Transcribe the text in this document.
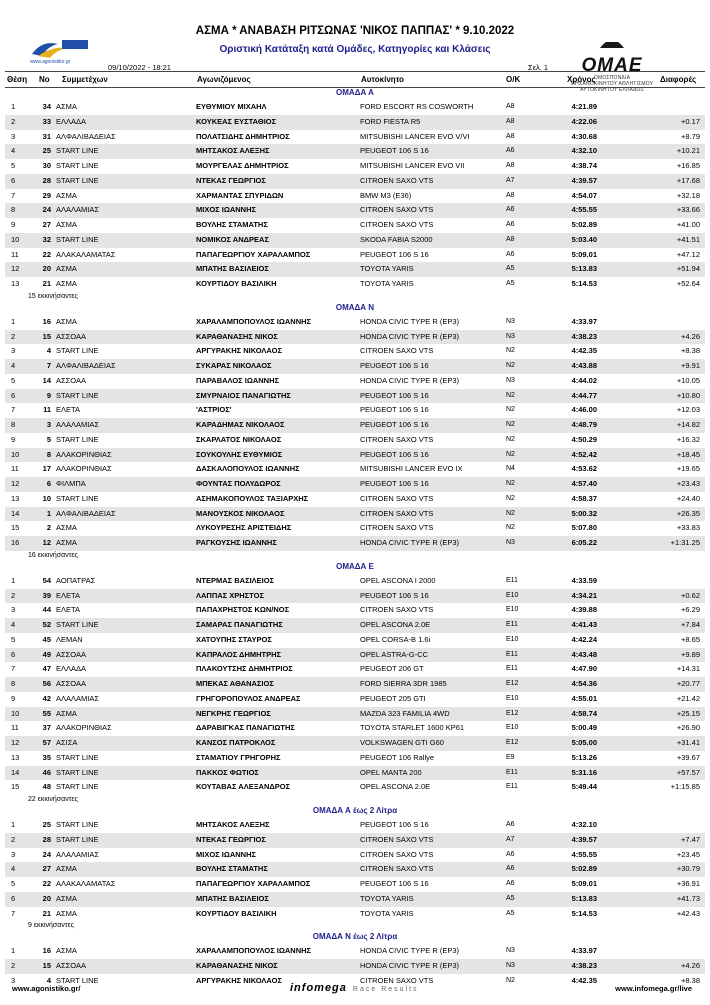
www.agonistiko.gr	OMAE
ΟΜΟΣΠΟΝΔΙΑ ΜΗΧΑΝΟΚΙΝΗΤΟΥ ΑΘΛΗΤΙΣΜΟΥ ΑΥΤΟΚΙΝΗΤΟΥ ΕΛΛΑΔΟΣ
ΑΣΜΑ * ΑΝΑΒΑΣΗ ΡΙΤΣΩΝΑΣ 'ΝΙΚΟΣ ΠΑΠΠΑΣ' * 9.10.2022
Οριστική Κατάταξη κατά Ομάδες, Κατηγορίες και Κλάσεις
09/10/2022 - 18:21	Σελ. 1
Θέση Νο Συμμετέχων	Αγωνιζόμενος	Αυτοκίνητο	Ο/Κ	Χρόνος	Διαφορές
ΟΜΑΔΑ Α
1	34 ΑΣΜΑ	ΕΥΘΥΜΙΟΥ ΜΙΧΑΗΛ	FORD ESCORT RS COSWORTH	A8	4:21.89
2	33 ΕΛΛΑΔΑ	ΚΟΥΚΕΑΣ ΕΥΣΤΑΘΙΟΣ	FORD FIESTA R5	A8	4:22.06	+0.17
3	31 ΑΛΦΑΛΙΒΑΔΕΙΑΣ	ΠΟΛΑΤΣΙΔΗΣ ΔΗΜΗΤΡΙΟΣ	MITSUBISHI LANCER EVO V/VI	A8	4:30.68	+8.79
4	25 START LINE	ΜΗΤΣΑΚΟΣ ΑΛΕΞΗΣ	PEUGEOT 106 S 16	A6	4:32.10	+10.21
5	30 START LINE	ΜΟΥΡΓΕΛΑΣ ΔΗΜΗΤΡΙΟΣ	MITSUBISHI LANCER EVO VII	A8	4:38.74	+16.85
6	28 START LINE	ΝΤΕΚΑΣ ΓΕΩΡΓΙΟΣ	CITROEN SAXO VTS	A7	4:39.57	+17.68
7	29 ΑΣΜΑ	ΧΑΡΜΑΝΤΑΣ ΣΠΥΡΙΔΩΝ	BMW M3 (E36)	A8	4:54.07	+32.18
8	24 ΑΛΑΛΑΜΙΑΣ	ΜΙΧΟΣ ΙΩΑΝΝΗΣ	CITROEN SAXO VTS	A6	4:55.55	+33.66
9	27 ΑΣΜΑ	ΒΟΥΛΗΣ ΣΤΑΜΑΤΗΣ	CITROEN SAXO VTS	A6	5:02.89	+41.00
10	32 START LINE	ΝΟΜΙΚΟΣ ΑΝΔΡΕΑΣ	SKODA FABIA S2000	A8	5:03.40	+41.51
11	22 ΑΛΑΚΑΛΑΜΑΤΑΣ	ΠΑΠΑΓΕΩΡΓΙΟΥ ΧΑΡΑΛΑΜΠΟΣ	PEUGEOT 106 S 16	A6	5:09.01	+47.12
12	20 ΑΣΜΑ	ΜΠΑΤΗΣ ΒΑΣΙΛΕΙΟΣ	TOYOTA YARIS	A5	5:13.83	+51.94
13	21 ΑΣΜΑ	ΚΟΥΡΤΙΔΟΥ ΒΑΣΙΛΙΚΗ	TOYOTA YARIS	A5	5:14.53	+52.64
15 εκκινήσαντες
ΟΜΑΔΑ Ν
1	16 ΑΣΜΑ	ΧΑΡΑΛΑΜΠΟΠΟΥΛΟΣ ΙΩΑΝΝΗΣ	HONDA CIVIC TYPE R (EP3)	N3	4:33.97
2	15 ΑΣΣΟΑΑ	ΚΑΡΑΘΑΝΑΣΗΣ ΝΙΚΟΣ	HONDA CIVIC TYPE R (EP3)	N3	4:38.23	+4.26
3	4 START LINE	ΑΡΓΥΡΑΚΗΣ ΝΙΚΟΛΑΟΣ	CITROEN SAXO VTS	N2	4:42.35	+8.38
4	7 ΑΛΦΑΛΙΒΑΔΕΙΑΣ	ΣΥΚΑΡΑΣ ΝΙΚΟΛΑΟΣ	PEUGEOT 106 S 16	N2	4:43.88	+9.91
5	14 ΑΣΣΟΑΑ	ΠΑΡΑΒΑΛΟΣ ΙΩΑΝΝΗΣ	HONDA CIVIC TYPE R (EP3)	N3	4:44.02	+10.05
6	9 START LINE	ΣΜΥΡΝΑΙΟΣ ΠΑΝΑΓΙΩΤΗΣ	PEUGEOT 106 S 16	N2	4:44.77	+10.80
7	11 ΕΛΕΤΑ	'ΑΣΤΡΙΟΣ'	PEUGEOT 106 S 16	N2	4:46.00	+12.03
8	3 ΑΛΑΛΑΜΙΑΣ	ΚΑΡΑΔΗΜΑΣ ΝΙΚΟΛΑΟΣ	PEUGEOT 106 S 16	N2	4:48.79	+14.82
9	5 START LINE	ΣΚΑΡΛΑΤΟΣ ΝΙΚΟΛΑΟΣ	CITROEN SAXO VTS	N2	4:50.29	+16.32
10	8 ΑΛΑΚΟΡΙΝΘΙΑΣ	ΣΟΥΚΟΥΛΗΣ ΕΥΘΥΜΙΟΣ	PEUGEOT 106 S 16	N2	4:52.42	+18.45
11	17 ΑΛΑΚΟΡΙΝΘΙΑΣ	ΔΑΣΚΑΛΟΠΟΥΛΟΣ ΙΩΑΝΝΗΣ	MITSUBISHI LANCER EVO IX	N4	4:53.62	+19.65
12	6 ΦΙΛΜΠΑ	ΦΟΥΝΤΑΣ ΠΟΛΥΔΩΡΟΣ	PEUGEOT 106 S 16	N2	4:57.40	+23.43
13	10 START LINE	ΑΣΗΜΑΚΟΠΟΥΛΟΣ ΤΑΞΙΑΡΧΗΣ	CITROEN SAXO VTS	N2	4:58.37	+24.40
14	1 ΑΛΦΑΛΙΒΑΔΕΙΑΣ	ΜΑΝΟΥΣΚΟΣ ΝΙΚΟΛΑΟΣ	CITROEN SAXO VTS	N2	5:00.32	+26.35
15	2 ΑΣΜΑ	ΛΥΚΟΥΡΕΣΗΣ ΑΡΙΣΤΕΙΔΗΣ	CITROEN SAXO VTS	N2	5:07.80	+33.83
16	12 ΑΣΜΑ	ΡΑΓΚΟΥΣΗΣ ΙΩΑΝΝΗΣ	HONDA CIVIC TYPE R (EP3)	N3	6:05.22	+1:31.25
16 εκκινήσαντες
ΟΜΑΔΑ Ε
1	54 ΑΟΠΑΤΡΑΣ	ΝΤΕΡΜΑΣ ΒΑΣΙΛΕΙΟΣ	OPEL ASCONA I 2000	E11	4:33.59
2	39 ΕΛΕΤΑ	ΛΑΠΠΑΣ ΧΡΗΣΤΟΣ	PEUGEOT 106 S 16	E10	4:34.21	+0.62
3	44 ΕΛΕΤΑ	ΠΑΠΑΧΡΗΣΤΟΣ ΚΩΝ/ΝΟΣ	CITROEN SAXO VTS	E10	4:39.88	+6.29
4	52 START LINE	ΣΑΜΑΡΑΣ ΠΑΝΑΓΙΩΤΗΣ	OPEL ASCONA 2.0E	E11	4:41.43	+7.84
5	45 ΛΕΜΑΝ	ΧΑΤΟΥΠΗΣ ΣΤΑΥΡΟΣ	OPEL CORSA-B 1.6i	E10	4:42.24	+8.65
6	49 ΑΣΣΟΑΑ	ΚΑΠΡΑΛΟΣ ΔΗΜΗΤΡΗΣ	OPEL ASTRA-G-CC	E11	4:43.48	+9.89
7	47 ΕΛΛΑΔΑ	ΠΛΑΚΟΥΤΣΗΣ ΔΗΜΗΤΡΙΟΣ	PEUGEOT 206 GT	E11	4:47.90	+14.31
8	56 ΑΣΣΟΑΑ	ΜΠΕΚΑΣ ΑΘΑΝΑΣΙΟΣ	FORD SIERRA 3DR 1985	E12	4:54.36	+20.77
9	42 ΑΛΑΛΑΜΙΑΣ	ΓΡΗΓΟΡΟΠΟΥΛΟΣ ΑΝΔΡΕΑΣ	PEUGEOT 205 GTI	E10	4:55.01	+21.42
10	55 ΑΣΜΑ	ΝΕΓΚΡΗΣ ΓΕΩΡΓΙΟΣ	MAZDA 323 FAMILIA 4WD	E12	4:58.74	+25.15
11	37 ΑΛΑΚΟΡΙΝΘΙΑΣ	ΔΑΡΑΒΙΓΚΑΣ ΠΑΝΑΓΙΩΤΗΣ	TOYOTA STARLET 1600 KP61	E10	5:00.49	+26.90
12	57 ΑΣΙΣΑ	ΚΑΝΣΟΣ ΠΑΤΡΟΚΛΟΣ	VOLKSWAGEN GTI G60	E12	5:05.00	+31.41
13	35 START LINE	ΣΤΑΜΑΤΙΟΥ ΓΡΗΓΟΡΗΣ	PEUGEOT 106 Rallye	E9	5:13.26	+39.67
14	46 START LINE	ΠΑΚΚΟΣ ΦΩΤΙΟΣ	OPEL MANTA 200	E11	5:31.16	+57.57
15	48 START LINE	ΚΟΥΤΑΒΑΣ ΑΛΕΞΑΝΔΡΟΣ	OPEL ASCONA 2.0E	E11	5:49.44	+1:15.85
22 εκκινήσαντες
ΟΜΑΔΑ Α έως 2 Λίτρα
1	25 START LINE	ΜΗΤΣΑΚΟΣ ΑΛΕΞΗΣ	PEUGEOT 106 S 16	A6	4:32.10
2	28 START LINE	ΝΤΕΚΑΣ ΓΕΩΡΓΙΟΣ	CITROEN SAXO VTS	A7	4:39.57	+7.47
3	24 ΑΛΑΛΑΜΙΑΣ	ΜΙΧΟΣ ΙΩΑΝΝΗΣ	CITROEN SAXO VTS	A6	4:55.55	+23.45
4	27 ΑΣΜΑ	ΒΟΥΛΗΣ ΣΤΑΜΑΤΗΣ	CITROEN SAXO VTS	A6	5:02.89	+30.79
5	22 ΑΛΑΚΑΛΑΜΑΤΑΣ	ΠΑΠΑΓΕΩΡΓΙΟΥ ΧΑΡΑΛΑΜΠΟΣ	PEUGEOT 106 S 16	A6	5:09.01	+36.91
6	20 ΑΣΜΑ	ΜΠΑΤΗΣ ΒΑΣΙΛΕΙΟΣ	TOYOTA YARIS	A5	5:13.83	+41.73
7	21 ΑΣΜΑ	ΚΟΥΡΤΙΔΟΥ ΒΑΣΙΛΙΚΗ	TOYOTA YARIS	A5	5:14.53	+42.43
9 εκκινήσαντες
ΟΜΑΔΑ Ν έως 2 Λίτρα
1	16 ΑΣΜΑ	ΧΑΡΑΛΑΜΠΟΠΟΥΛΟΣ ΙΩΑΝΝΗΣ	HONDA CIVIC TYPE R (EP3)	N3	4:33.97
2	15 ΑΣΣΟΑΑ	ΚΑΡΑΘΑΝΑΣΗΣ ΝΙΚΟΣ	HONDA CIVIC TYPE R (EP3)	N3	4:38.23	+4.26
3	4 START LINE	ΑΡΓΥΡΑΚΗΣ ΝΙΚΟΛΑΟΣ	CITROEN SAXO VTS	N2	4:42.35	+8.38
www.agonistiko.gr/	infomega Race Results	www.infomega.gr/live
